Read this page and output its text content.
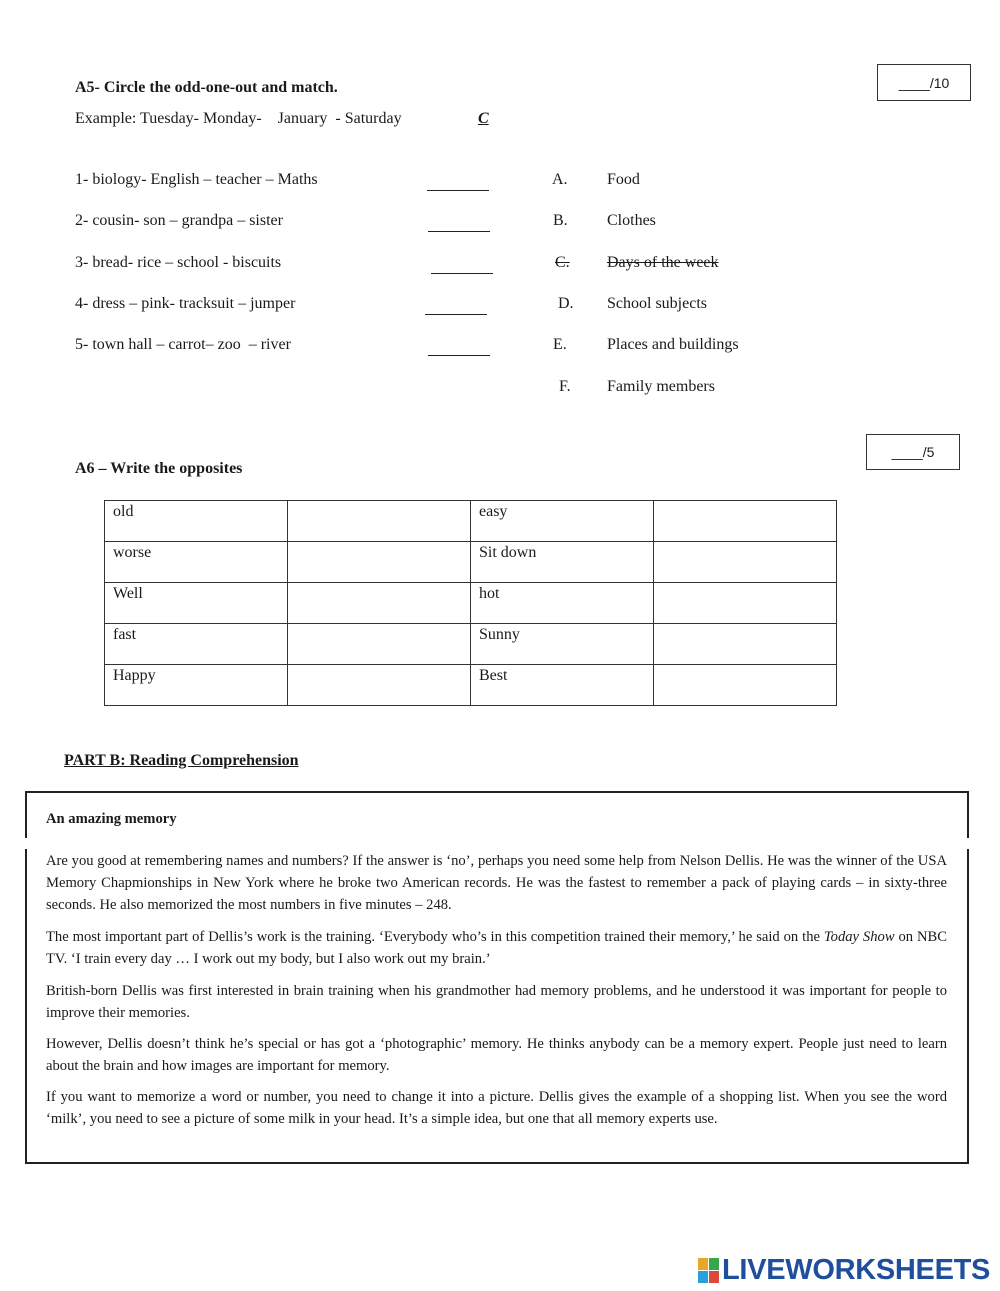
A5- Circle the odd-one-out and match.	____/10
Example: Tuesday- Monday-    January  - Saturday	C
1- biology- English – teacher – Maths
2- cousin- son – grandpa – sister
3- bread- rice – school - biscuits
4- dress – pink- tracksuit – jumper
5- town hall – carrot– zoo  – river
A. Food
B. Clothes
C.	Days of the week
D. School subjects
E.	Places and buildings
F. Family members
____/5
A6 – Write the opposites
old		easy	
worse		Sit down	
Well		hot	
fast		Sunny	
Happy		Best	
PART B: Reading Comprehension
An amazing memory

Are you good at remembering names and numbers? If the answer is ‘no’, perhaps you need some help from Nelson Dellis. He was the winner of the USA Memory Chapmionships in New York where he broke two American records. He was the fastest to remember a pack of playing cards – in sixty-three seconds. He also memorized the most numbers in five minutes – 248.

The most important part of Dellis’s work is the training. ‘Everybody who’s in this competition trained their memory,’ he said on the Today Show on NBC TV. ‘I train every day … I work out my body, but I also work out my brain.’

British-born Dellis was first interested in brain training when his grandmother had memory problems, and he understood it was important for people to improve their memories.

However, Dellis doesn’t think he’s special or has got a ‘photographic’ memory. He thinks anybody can be a memory expert. People just need to learn about the brain and how images are important for memory.

If you want to memorize a word or number, you need to change it into a picture. Dellis gives the example of a shopping list. When you see the word ‘milk’, you need to see a picture of some milk in your head. It’s a simple idea, but one that all memory experts use.

LIVEWORKSHEETS
